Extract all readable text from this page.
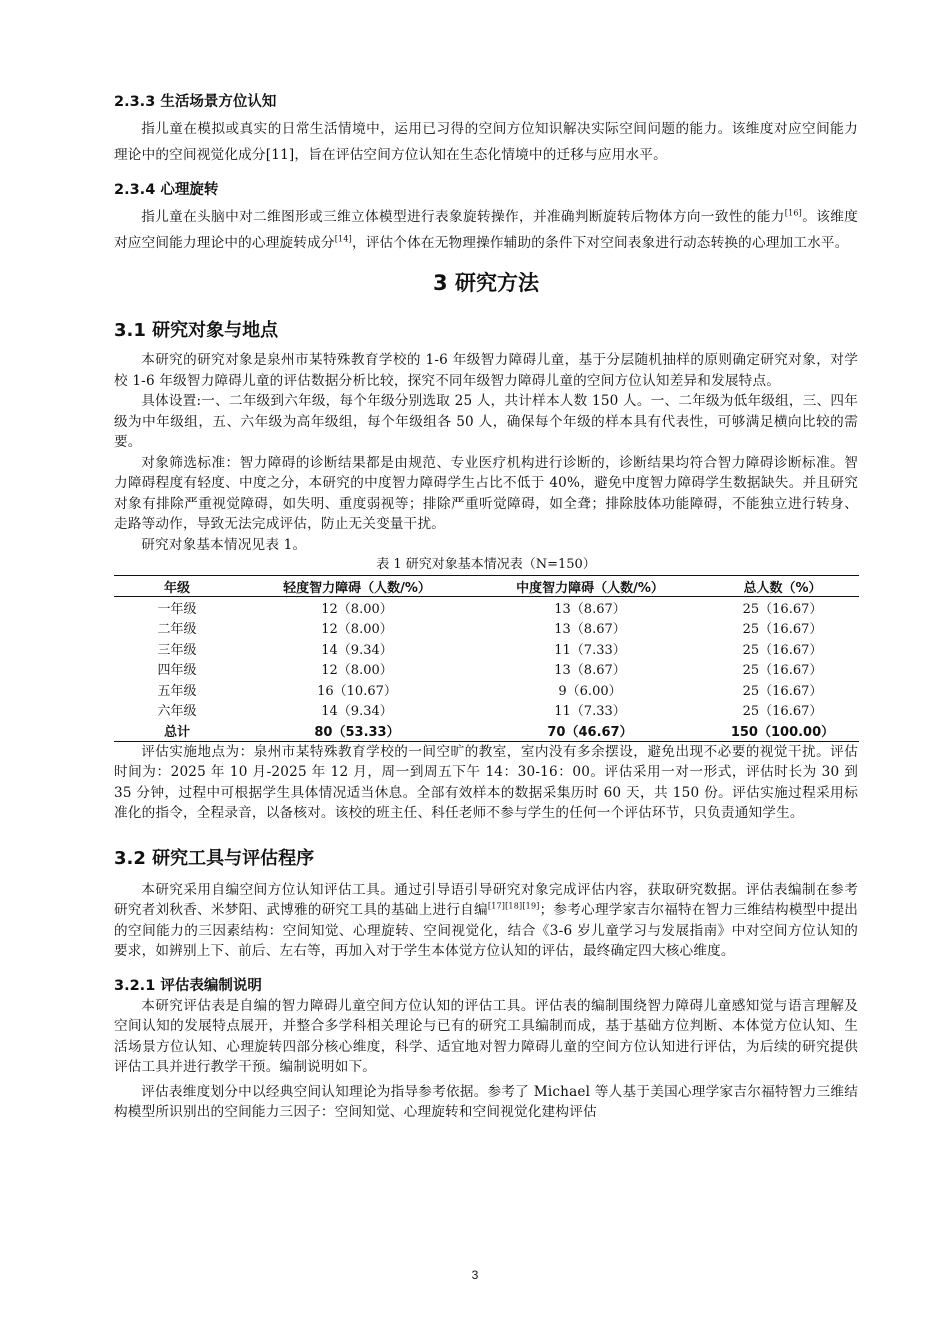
2.3.3 生活场景方位认知

指儿童在模拟或真实的日常生活情境中，运用已习得的空间方位知识解决实际空间问题的能力。该维度对应空间能力理论中的空间视觉化成分[11]，旨在评估空间方位认知在生态化情境中的迁移与应用水平。

2.3.4 心理旋转

指儿童在头脑中对二维图形或三维立体模型进行表象旋转操作，并准确判断旋转后物体方向一致性的能力[16]。该维度对应空间能力理论中的心理旋转成分[14]，评估个体在无物理操作辅助的条件下对空间表象进行动态转换的心理加工水平。

3 研究方法
3.1 研究对象与地点

本研究的研究对象是泉州市某特殊教育学校的 1-6 年级智力障碍儿童，基于分层随机抽样的原则确定研究对象，对学校 1-6 年级智力障碍儿童的评估数据分析比较，探究不同年级智力障碍儿童的空间方位认知差异和发展特点。

具体设置:一、二年级到六年级，每个年级分别选取 25 人，共计样本人数 150 人。一、二年级为低年级组，三、四年级为中年级组，五、六年级为高年级组，每个年级组各 50 人，确保每个年级的样本具有代表性，可够满足横向比较的需要。

对象筛选标准：智力障碍的诊断结果都是由规范、专业医疗机构进行诊断的，诊断结果均符合智力障碍诊断标准。智力障碍程度有轻度、中度之分，本研究的中度智力障碍学生占比不低于 40%，避免中度智力障碍学生数据缺失。并且研究对象有排除严重视觉障碍，如失明、重度弱视等；排除严重听觉障碍，如全聋；排除肢体功能障碍，不能独立进行转身、走路等动作，导致无法完成评估，防止无关变量干扰。

研究对象基本情况见表 1。

表 1 研究对象基本情况表（N=150）

年级	轻度智力障碍（人数/%）	中度智力障碍（人数/%）	总人数（%）
一年级	12（8.00）	13（8.67）	25（16.67）
二年级	12（8.00）	13（8.67）	25（16.67）
三年级	14（9.34）	11（7.33）	25（16.67）
四年级	12（8.00）	13（8.67）	25（16.67）
五年级	16（10.67）	9（6.00）	25（16.67）
六年级	14（9.34）	11（7.33）	25（16.67）
总计	80（53.33）	70（46.67）	150（100.00）

评估实施地点为：泉州市某特殊教育学校的一间空旷的教室，室内没有多余摆设，避免出现不必要的视觉干扰。评估时间为：2025 年 10 月-2025 年 12 月，周一到周五下午 14：30-16：00。评估采用一对一形式，评估时长为 30 到 35 分钟，过程中可根据学生具体情况适当休息。全部有效样本的数据采集历时 60 天，共 150 份。评估实施过程采用标准化的指令，全程录音，以备核对。该校的班主任、科任老师不参与学生的任何一个评估环节，只负责通知学生。

3.2 研究工具与评估程序

本研究采用自编空间方位认知评估工具。通过引导语引导研究对象完成评估内容，获取研究数据。评估表编制在参考研究者刘秋香、米梦阳、武博雅的研究工具的基础上进行自编[17][18][19]；参考心理学家吉尔福特在智力三维结构模型中提出的空间能力的三因素结构：空间知觉、心理旋转、空间视觉化，结合《3-6 岁儿童学习与发展指南》中对空间方位认知的要求，如辨别上下、前后、左右等，再加入对于学生本体觉方位认知的评估，最终确定四大核心维度。

3.2.1 评估表编制说明

本研究评估表是自编的智力障碍儿童空间方位认知的评估工具。评估表的编制围绕智力障碍儿童感知觉与语言理解及空间认知的发展特点展开，并整合多学科相关理论与已有的研究工具编制而成，基于基础方位判断、本体觉方位认知、生活场景方位认知、心理旋转四部分核心维度，科学、适宜地对智力障碍儿童的空间方位认知进行评估，为后续的研究提供评估工具并进行教学干预。编制说明如下。

评估表维度划分中以经典空间认知理论为指导参考依据。参考了 Michael 等人基于美国心理学家吉尔福特智力三维结构模型所识别出的空间能力三因子：空间知觉、心理旋转和空间视觉化建构评估

3
